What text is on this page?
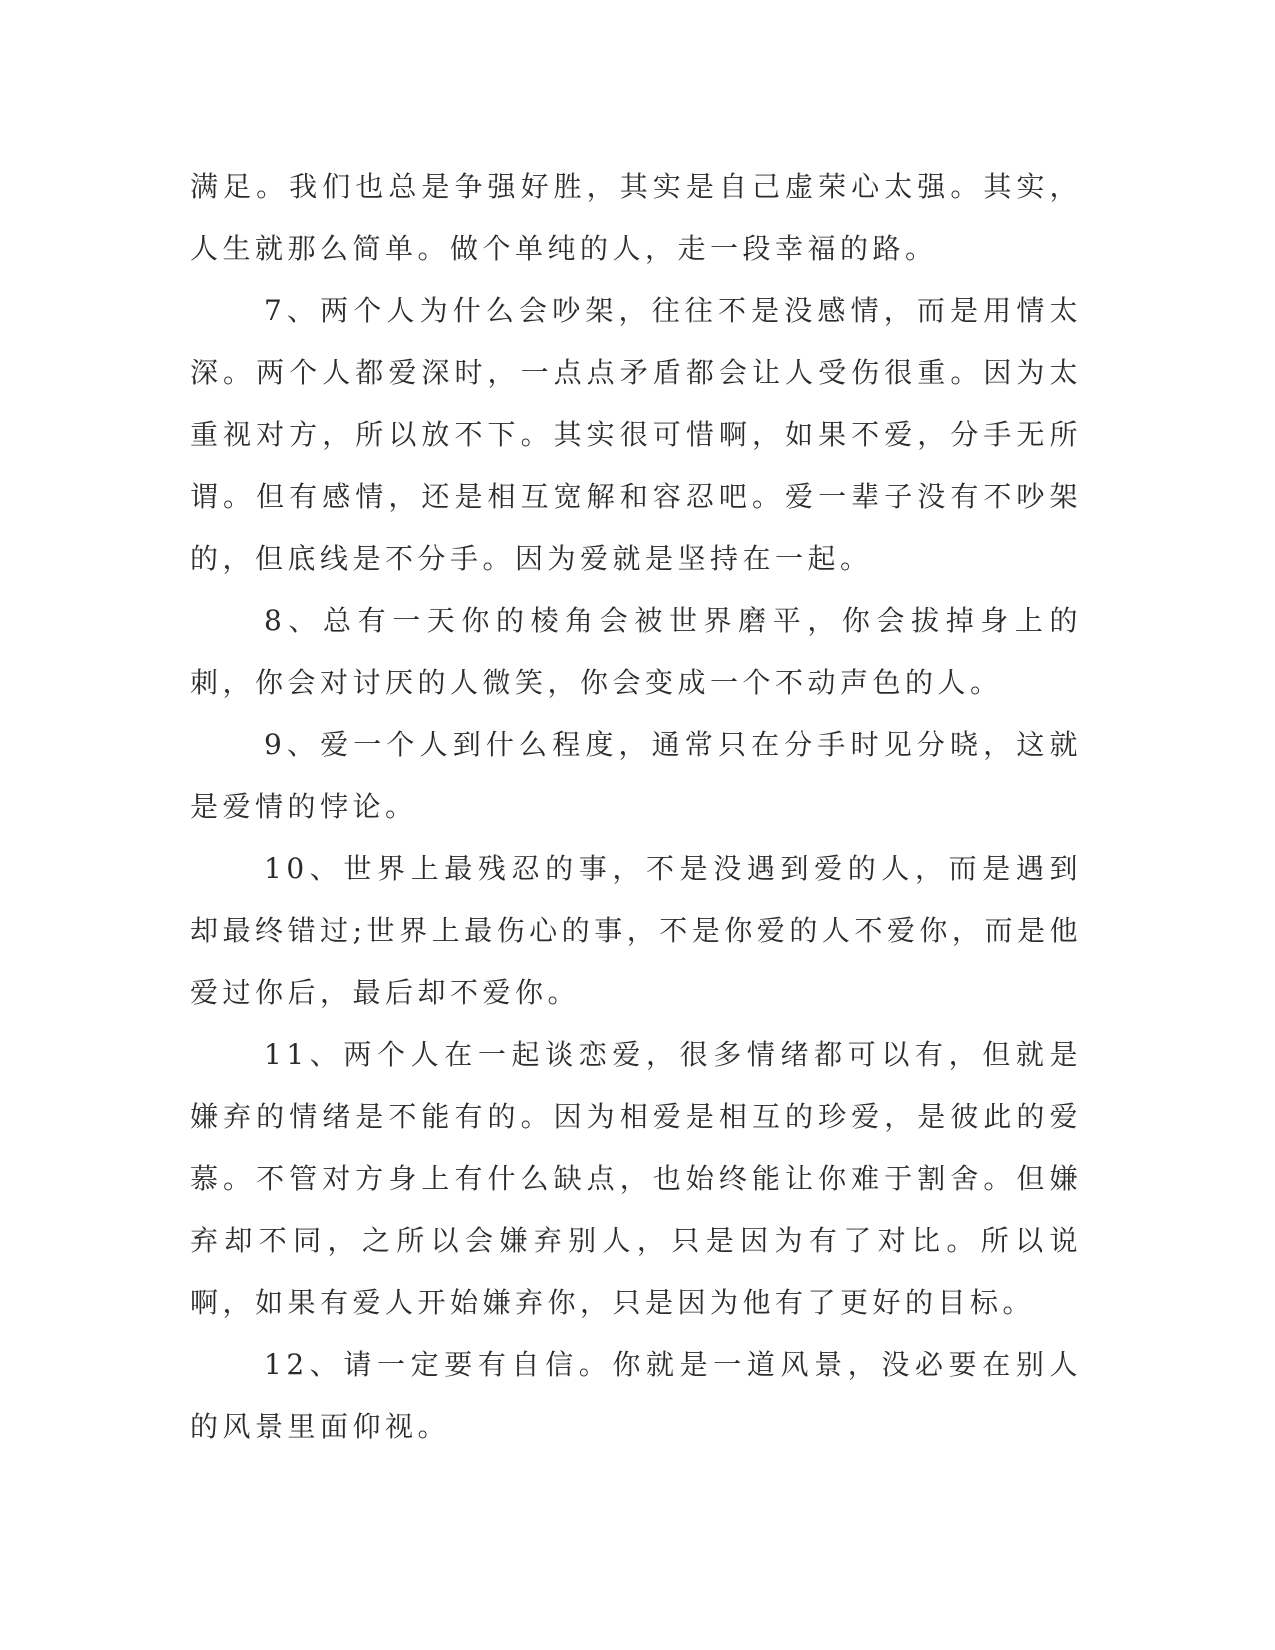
满足。我们也总是争强好胜，其实是自己虚荣心太强。其实，人生就那么简单。做个单纯的人，走一段幸福的路。

7、两个人为什么会吵架，往往不是没感情，而是用情太深。两个人都爱深时，一点点矛盾都会让人受伤很重。因为太重视对方，所以放不下。其实很可惜啊，如果不爱，分手无所谓。但有感情，还是相互宽解和容忍吧。爱一辈子没有不吵架的，但底线是不分手。因为爱就是坚持在一起。

8、总有一天你的棱角会被世界磨平，你会拔掉身上的刺，你会对讨厌的人微笑，你会变成一个不动声色的人。

9、爱一个人到什么程度，通常只在分手时见分晓，这就是爱情的悖论。

10、世界上最残忍的事，不是没遇到爱的人，而是遇到却最终错过;世界上最伤心的事，不是你爱的人不爱你，而是他爱过你后，最后却不爱你。

11、两个人在一起谈恋爱，很多情绪都可以有，但就是嫌弃的情绪是不能有的。因为相爱是相互的珍爱，是彼此的爱慕。不管对方身上有什么缺点，也始终能让你难于割舍。但嫌弃却不同，之所以会嫌弃别人，只是因为有了对比。所以说啊，如果有爱人开始嫌弃你，只是因为他有了更好的目标。

12、请一定要有自信。你就是一道风景，没必要在别人的风景里面仰视。
